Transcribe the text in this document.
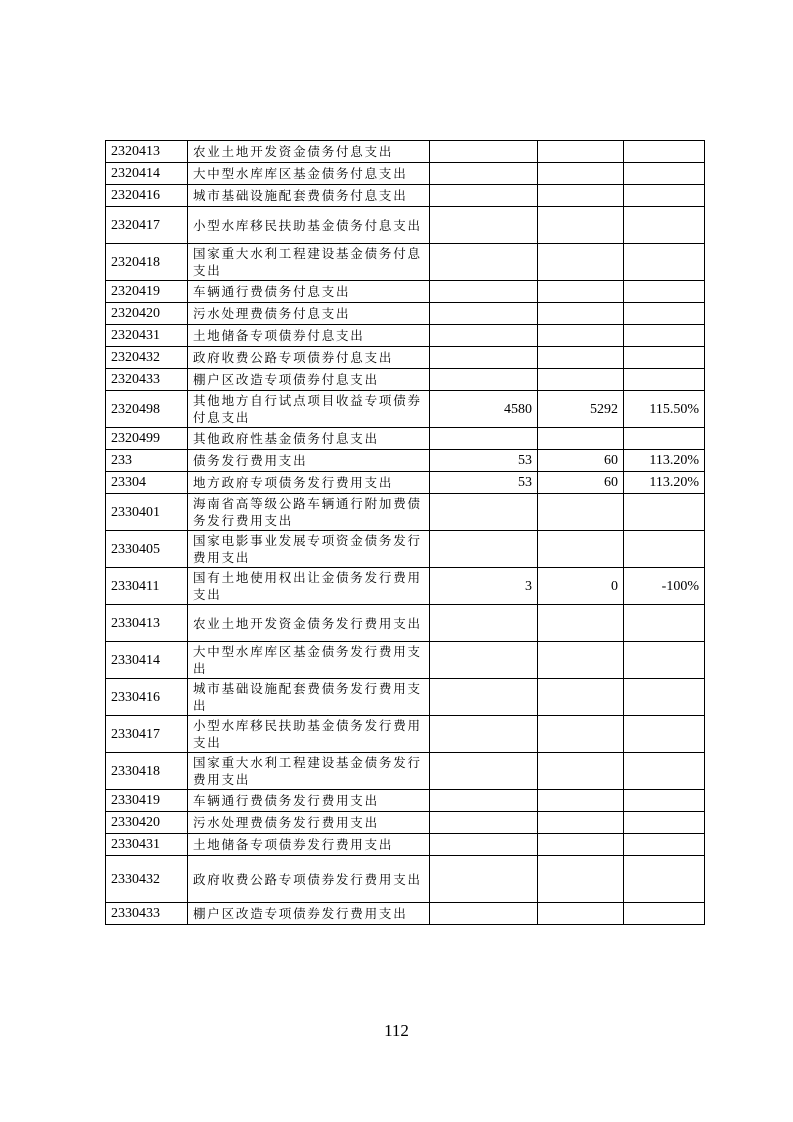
2320413	农业土地开发资金债务付息支出			
2320414	大中型水库库区基金债务付息支出			
2320416	城市基础设施配套费债务付息支出			
2320417	小型水库移民扶助基金债务付息支出			
2320418	国家重大水利工程建设基金债务付息支出			
2320419	车辆通行费债务付息支出			
2320420	污水处理费债务付息支出			
2320431	土地储备专项债券付息支出			
2320432	政府收费公路专项债券付息支出			
2320433	棚户区改造专项债券付息支出			
2320498	其他地方自行试点项目收益专项债券付息支出	4580	5292	115.50%
2320499	其他政府性基金债务付息支出			
233	债务发行费用支出	53	60	113.20%
23304	地方政府专项债务发行费用支出	53	60	113.20%
2330401	海南省高等级公路车辆通行附加费债务发行费用支出			
2330405	国家电影事业发展专项资金债务发行费用支出			
2330411	国有土地使用权出让金债务发行费用支出	3	0	-100%
2330413	农业土地开发资金债务发行费用支出			
2330414	大中型水库库区基金债务发行费用支出			
2330416	城市基础设施配套费债务发行费用支出			
2330417	小型水库移民扶助基金债务发行费用支出			
2330418	国家重大水利工程建设基金债务发行费用支出			
2330419	车辆通行费债务发行费用支出			
2330420	污水处理费债务发行费用支出			
2330431	土地储备专项债券发行费用支出			
2330432	政府收费公路专项债券发行费用支出			
2330433	棚户区改造专项债券发行费用支出			
112
